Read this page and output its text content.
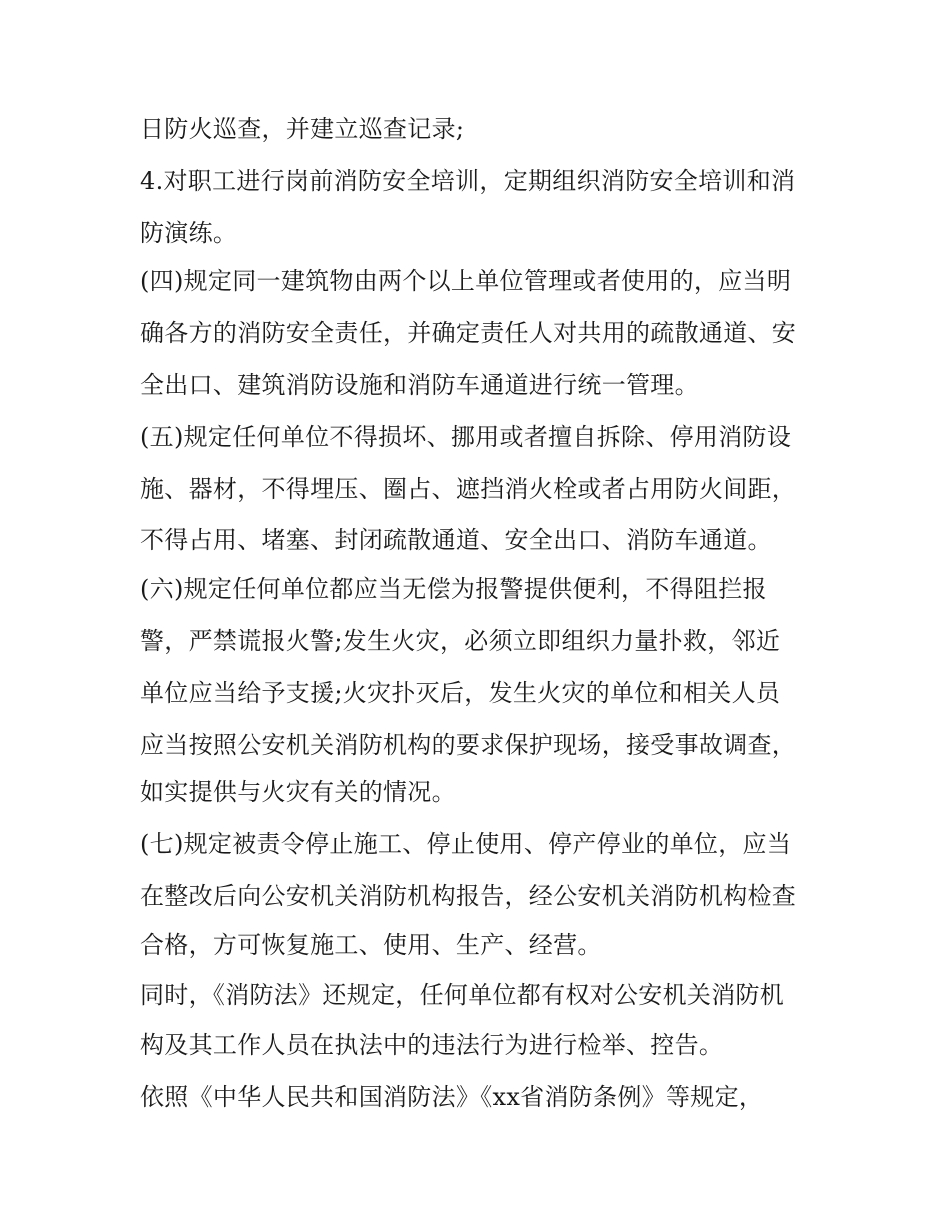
日防火巡查，并建立巡查记录;
4.对职工进行岗前消防安全培训，定期组织消防安全培训和消
防演练。
(四)规定同一建筑物由两个以上单位管理或者使用的，应当明
确各方的消防安全责任，并确定责任人对共用的疏散通道、安
全出口、建筑消防设施和消防车通道进行统一管理。
(五)规定任何单位不得损坏、挪用或者擅自拆除、停用消防设
施、器材，不得埋压、圈占、遮挡消火栓或者占用防火间距，
不得占用、堵塞、封闭疏散通道、安全出口、消防车通道。
(六)规定任何单位都应当无偿为报警提供便利，不得阻拦报
警，严禁谎报火警;发生火灾，必须立即组织力量扑救，邻近
单位应当给予支援;火灾扑灭后，发生火灾的单位和相关人员
应当按照公安机关消防机构的要求保护现场，接受事故调查，
如实提供与火灾有关的情况。
(七)规定被责令停止施工、停止使用、停产停业的单位，应当
在整改后向公安机关消防机构报告，经公安机关消防机构检查
合格，方可恢复施工、使用、生产、经营。
同时，《消防法》还规定，任何单位都有权对公安机关消防机
构及其工作人员在执法中的违法行为进行检举、控告。
依照《中华人民共和国消防法》《xx省消防条例》等规定，
